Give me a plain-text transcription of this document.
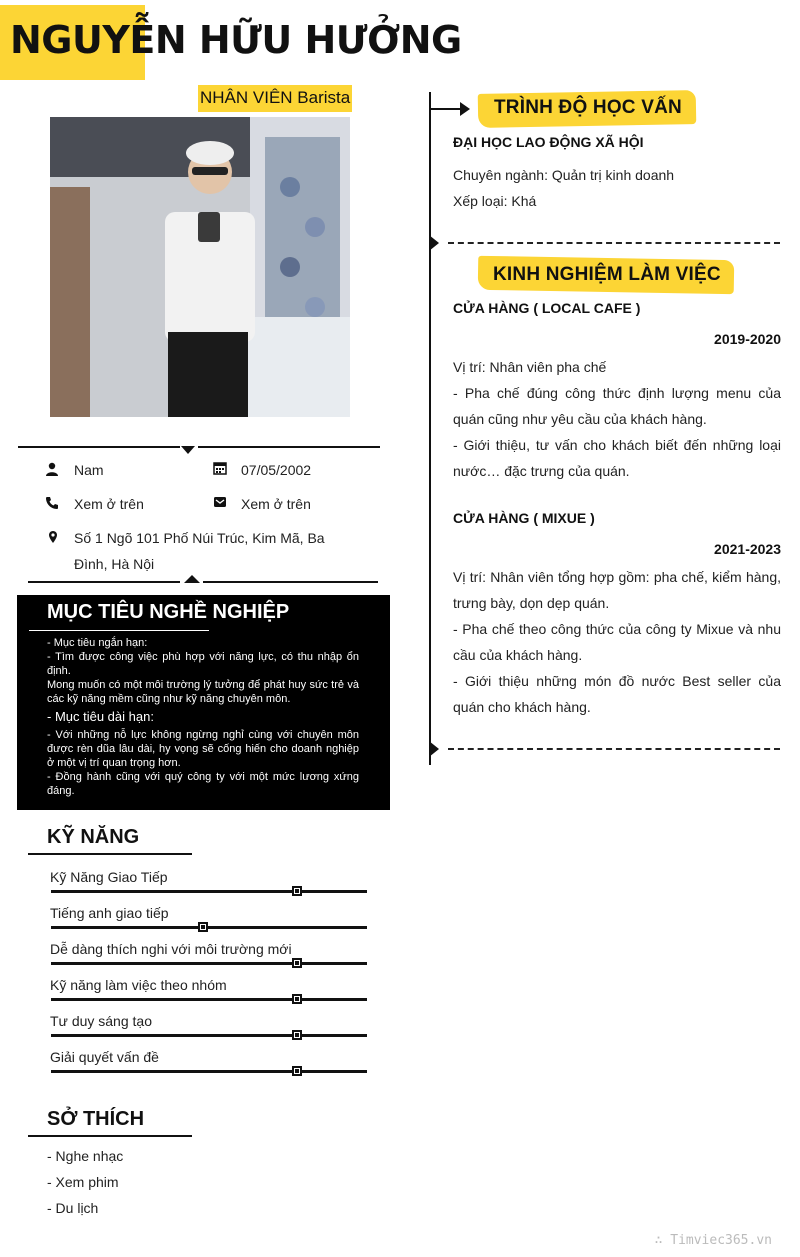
NGUYỄN HỮU HƯỞNG
NHÂN VIÊN Barista
Nam	07/05/2002
Xem ở trên	Xem ở trên
Số 1 Ngõ 101 Phố Núi Trúc, Kim Mã, Ba
Đình, Hà Nội
MỤC TIÊU NGHỀ NGHIỆP
- Mục tiêu ngắn hạn:
- Tìm được công việc phù hợp với năng lực, có thu nhập ổn định.
Mong muốn có một môi trường lý tưởng để phát huy sức trẻ và các kỹ năng mềm cũng như kỹ năng chuyên môn.
- Mục tiêu dài hạn:
- Với những nỗ lực không ngừng nghỉ cùng với chuyên môn được rèn dũa lâu dài, hy vọng sẽ cống hiến cho doanh nghiệp ở một vị trí quan trọng hơn.
- Đồng hành cũng với quý công ty với một mức lương xứng đáng.
KỸ NĂNG
Kỹ Năng Giao Tiếp
Tiếng anh giao tiếp
Dễ dàng thích nghi với môi trường mới
Kỹ năng làm việc theo nhóm
Tư duy sáng tạo
Giải quyết vấn đề
SỞ THÍCH
- Nghe nhạc
- Xem phim
- Du lịch
TRÌNH ĐỘ HỌC VẤN
ĐẠI HỌC LAO ĐỘNG XÃ HỘI
Chuyên ngành: Quản trị kinh doanh
Xếp loại: Khá
KINH NGHIỆM LÀM VIỆC
CỬA HÀNG ( LOCAL CAFE )
2019-2020
Vị trí: Nhân viên pha chế
- Pha chế đúng công thức định lượng menu của quán cũng như yêu cầu của khách hàng.
- Giới thiệu, tư vấn cho khách biết đến những loại nước… đặc trưng của quán.
CỬA HÀNG ( MIXUE )
2021-2023
Vị trí: Nhân viên tổng hợp gồm: pha chế, kiểm hàng, trưng bày, dọn dẹp quán.
- Pha chế theo công thức của công ty Mixue và nhu cầu của khách hàng.
- Giới thiệu những món đồ nước Best seller của quán cho khách hàng.
∴ Timviec365.vn
